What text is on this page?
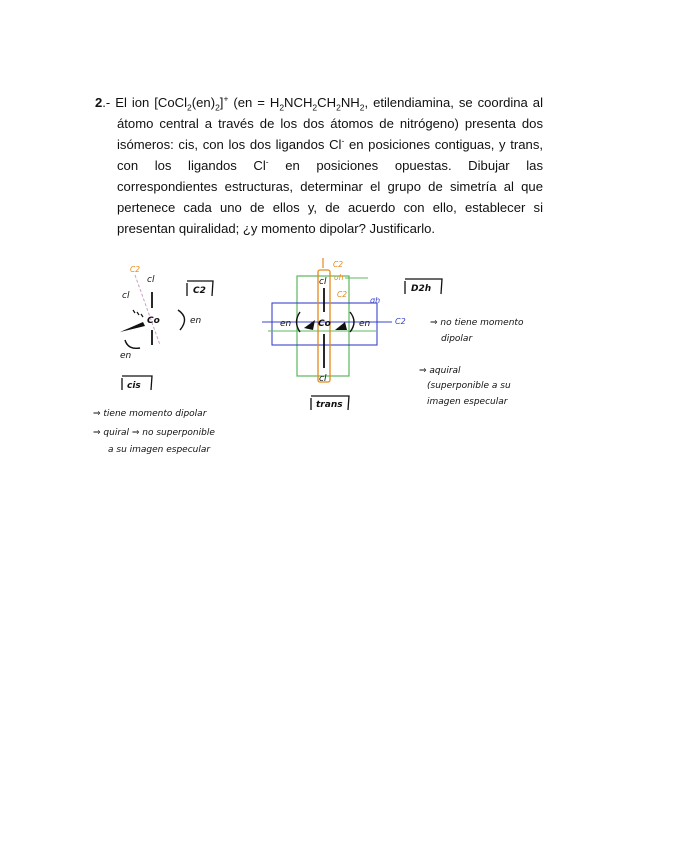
2.- El ion $[CoCl_2(en)_2]^+$ ($en = H_2NCH_2CH_2NH_2$, etilendiamina, se coordina al átomo central a través de los dos átomos de nitrógeno) presenta dos isómeros: cis, con los dos ligandos Cl- en posiciones contiguas, y trans, con los ligandos Cl- en posiciones opuestas. Dibujar las correspondientes estructuras, determinar el grupo de simetría al que pertenece cada uno de ellos y, de acuerdo con ello, establecer si presentan quiralidad; ¿y momento dipolar? Justificarlo.

C2
cl
cl
Co	en
en
C2
cis
⇒ tiene momento dipolar
⇒ quiral ⇒ no superponible
a su imagen especular
C2
C2
σh
σh
C2
cl
en	Co	en
cl
trans
D2h
⇒ no tiene momento
dipolar
⇒ aquiral
(superponible a su
imagen especular
